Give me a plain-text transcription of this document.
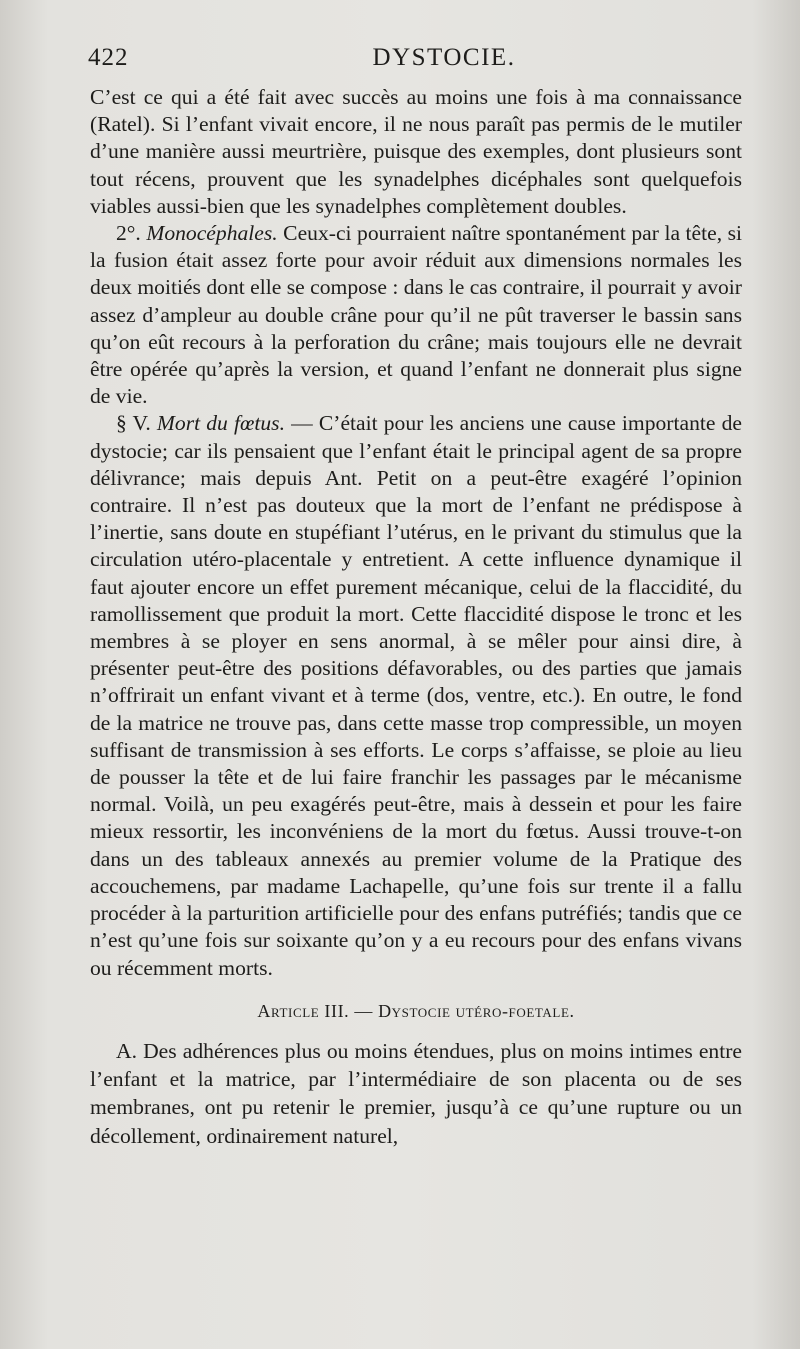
422	DYSTOCIE.

C’est ce qui a été fait avec succès au moins une fois à ma connaissance (Ratel). Si l’enfant vivait encore, il ne nous paraît pas permis de le mutiler d’une manière aussi meurtrière, puisque des exemples, dont plusieurs sont tout récens, prouvent que les synadelphes dicéphales sont quelquefois viables aussi-bien que les synadelphes complètement doubles.

2°. Monocéphales. Ceux-ci pourraient naître spontanément par la tête, si la fusion était assez forte pour avoir réduit aux dimensions normales les deux moitiés dont elle se compose : dans le cas contraire, il pourrait y avoir assez d’ampleur au double crâne pour qu’il ne pût traverser le bassin sans qu’on eût recours à la perforation du crâne; mais toujours elle ne devrait être opérée qu’après la version, et quand l’enfant ne donnerait plus signe de vie.

§ V. Mort du fœtus. — C’était pour les anciens une cause importante de dystocie; car ils pensaient que l’enfant était le principal agent de sa propre délivrance; mais depuis Ant. Petit on a peut-être exagéré l’opinion contraire. Il n’est pas douteux que la mort de l’enfant ne prédispose à l’inertie, sans doute en stupéfiant l’utérus, en le privant du stimulus que la circulation utéro-placentale y entretient. A cette influence dynamique il faut ajouter encore un effet purement mécanique, celui de la flaccidité, du ramollissement que produit la mort. Cette flaccidité dispose le tronc et les membres à se ployer en sens anormal, à se mêler pour ainsi dire, à présenter peut-être des positions défavorables, ou des parties que jamais n’offrirait un enfant vivant et à terme (dos, ventre, etc.). En outre, le fond de la matrice ne trouve pas, dans cette masse trop compressible, un moyen suffisant de transmission à ses efforts. Le corps s’affaisse, se ploie au lieu de pousser la tête et de lui faire franchir les passages par le mécanisme normal. Voilà, un peu exagérés peut-être, mais à dessein et pour les faire mieux ressortir, les inconvéniens de la mort du fœtus. Aussi trouve-t-on dans un des tableaux annexés au premier volume de la Pratique des accouchemens, par madame Lachapelle, qu’une fois sur trente il a fallu procéder à la parturition artificielle pour des enfans putréfiés; tandis que ce n’est qu’une fois sur soixante qu’on y a eu recours pour des enfans vivans ou récemment morts.

Article III. — Dystocie utéro-foetale.

A. Des adhérences plus ou moins étendues, plus on moins intimes entre l’enfant et la matrice, par l’intermédiaire de son placenta ou de ses membranes, ont pu retenir le premier, jusqu’à ce qu’une rupture ou un décollement, ordinairement naturel,
